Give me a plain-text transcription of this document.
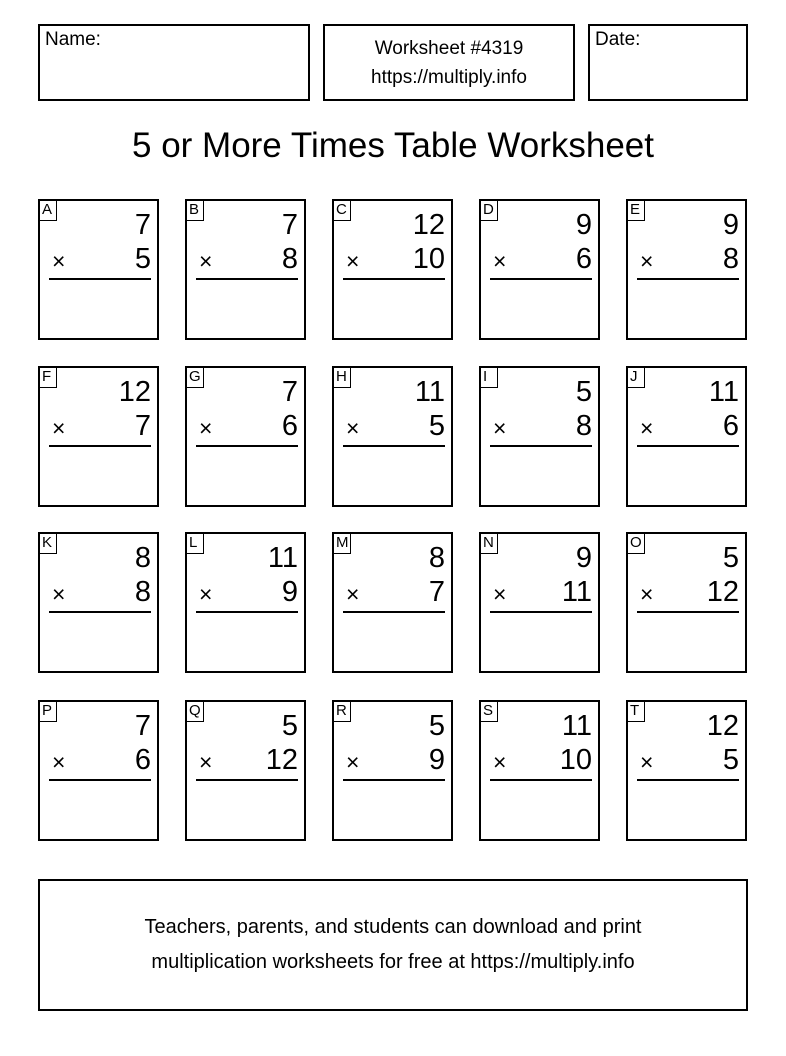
Name:	Worksheet #4319
https://multiply.info
Date:
5 or More Times Table Worksheet
A	7
× 5
B	7
× 8
C 12
× 10
D	9
× 6
E	9
× 8
F 12
× 7
G	7
× 6
H 11
× 5
I	5
× 8
J 11
× 6
K	8
× 8
L 11
× 9
M	8
× 7
N	9
× 11
O	5
× 12
P	7
× 6
Q	5
× 12
R	5
× 9
S 11
× 10
T 12
× 5
Teachers, parents, and students can download and print
multiplication worksheets for free at https://multiply.info
